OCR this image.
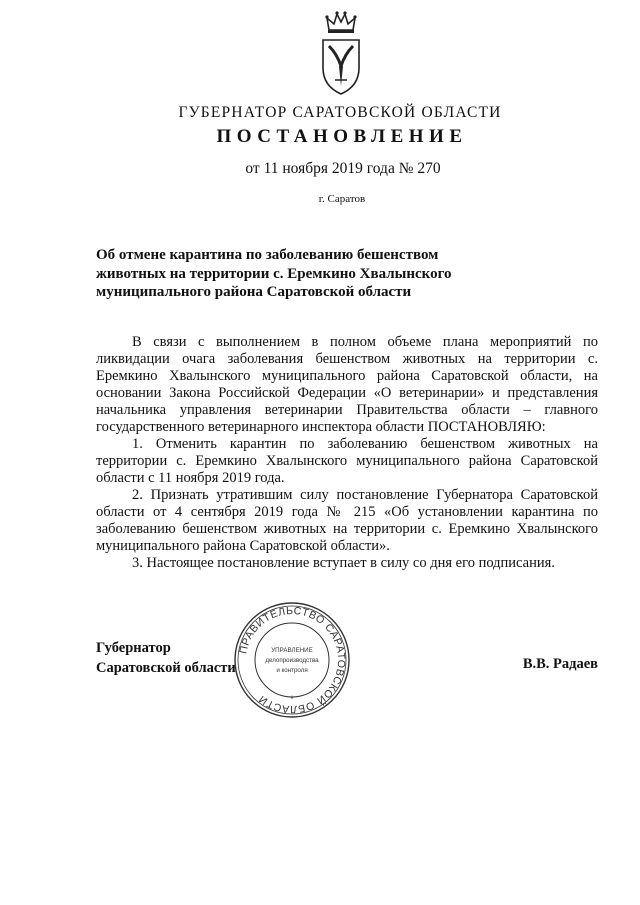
ГУБЕРНАТОР САРАТОВСКОЙ ОБЛАСТИ
ПОСТАНОВЛЕНИЕ
от 11 ноября 2019 года № 270
г. Саратов
Об отмене карантина по заболеванию бешенством
животных на территории с. Еремкино Хвалынского
муниципального района Саратовской области

В связи с выполнением в полном объеме плана мероприятий по ликвидации очага заболевания бешенством животных на территории с. Еремкино Хвалынского муниципального района Саратовской области, на основании Закона Российской Федерации «О ветеринарии» и представления начальника управления ветеринарии Правительства области – главного государственного ветеринарного инспектора области ПОСТАНОВЛЯЮ:

1. Отменить карантин по заболеванию бешенством животных на территории с. Еремкино Хвалынского муниципального района Саратовской области с 11 ноября 2019 года.

2. Признать утратившим силу постановление Губернатора Саратовской области от 4 сентября 2019 года № 215 «Об установлении карантина по заболеванию бешенством животных на территории с. Еремкино Хвалынского муниципального района Саратовской области».

3. Настоящее постановление вступает в силу со дня его подписания.

Губернатор
Саратовской области
ПРАВИТЕЛЬСТВО САРАТОВСКОЙ ОБЛАСТИ
УПРАВЛЕНИЕ
делопроизводства
и контроля
*
В.В. Радаев
